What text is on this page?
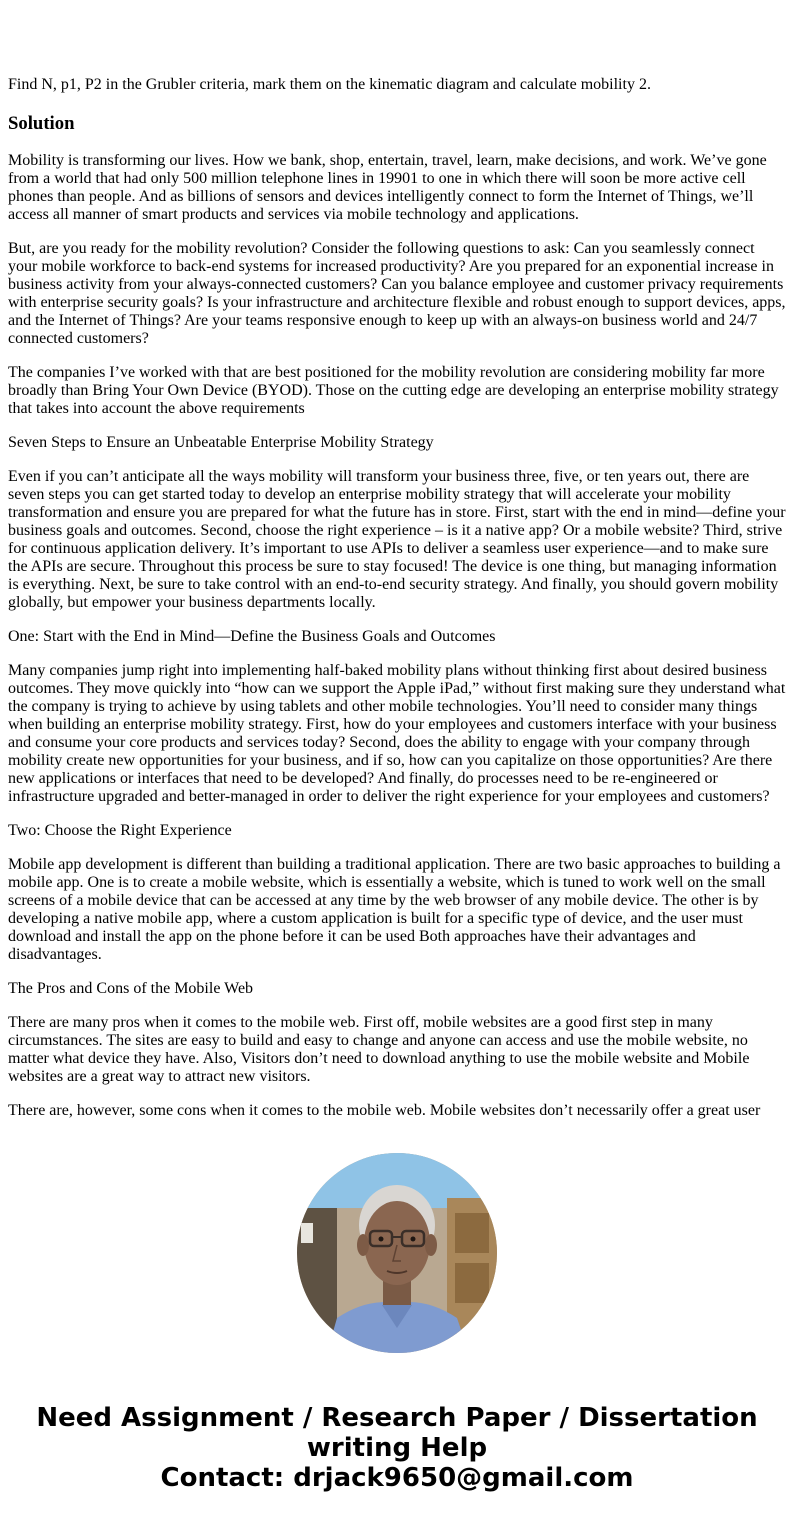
Find N, p1, P2 in the Grubler criteria, mark them on the kinematic diagram and calculate mobility 2.
Solution

Mobility is transforming our lives. How we bank, shop, entertain, travel, learn, make decisions, and work. We’ve gone from a world that had only 500 million telephone lines in 19901 to one in which there will soon be more active cell phones than people. And as billions of sensors and devices intelligently connect to form the Internet of Things, we’ll access all manner of smart products and services via mobile technology and applications.

But, are you ready for the mobility revolution? Consider the following questions to ask: Can you seamlessly connect your mobile workforce to back-end systems for increased productivity? Are you prepared for an exponential increase in business activity from your always-connected customers? Can you balance employee and customer privacy requirements with enterprise security goals? Is your infrastructure and architecture flexible and robust enough to support devices, apps, and the Internet of Things? Are your teams responsive enough to keep up with an always-on business world and 24/7 connected customers?

The companies I’ve worked with that are best positioned for the mobility revolution are considering mobility far more broadly than Bring Your Own Device (BYOD). Those on the cutting edge are developing an enterprise mobility strategy that takes into account the above requirements

Seven Steps to Ensure an Unbeatable Enterprise Mobility Strategy

Even if you can’t anticipate all the ways mobility will transform your business three, five, or ten years out, there are seven steps you can get started today to develop an enterprise mobility strategy that will accelerate your mobility transformation and ensure you are prepared for what the future has in store. First, start with the end in mind—define your business goals and outcomes. Second, choose the right experience – is it a native app? Or a mobile website? Third, strive for continuous application delivery. It’s important to use APIs to deliver a seamless user experience—and to make sure the APIs are secure. Throughout this process be sure to stay focused! The device is one thing, but managing information is everything. Next, be sure to take control with an end-to-end security strategy. And finally, you should govern mobility globally, but empower your business departments locally.

One: Start with the End in Mind—Define the Business Goals and Outcomes

Many companies jump right into implementing half-baked mobility plans without thinking first about desired business outcomes. They move quickly into “how can we support the Apple iPad,” without first making sure they understand what the company is trying to achieve by using tablets and other mobile technologies. You’ll need to consider many things when building an enterprise mobility strategy. First, how do your employees and customers interface with your business and consume your core products and services today? Second, does the ability to engage with your company through mobility create new opportunities for your business, and if so, how can you capitalize on those opportunities? Are there new applications or interfaces that need to be developed? And finally, do processes need to be re-engineered or infrastructure upgraded and better-managed in order to deliver the right experience for your employees and customers?

Two: Choose the Right Experience

Mobile app development is different than building a traditional application. There are two basic approaches to building a mobile app. One is to create a mobile website, which is essentially a website, which is tuned to work well on the small screens of a mobile device that can be accessed at any time by the web browser of any mobile device. The other is by developing a native mobile app, where a custom application is built for a specific type of device, and the user must download and install the app on the phone before it can be used Both approaches have their advantages and disadvantages.

The Pros and Cons of the Mobile Web

There are many pros when it comes to the mobile web. First off, mobile websites are a good first step in many circumstances. The sites are easy to build and easy to change and anyone can access and use the mobile website, no matter what device they have. Also, Visitors don’t need to download anything to use the mobile website and Mobile websites are a great way to attract new visitors.

There are, however, some cons when it comes to the mobile web. Mobile websites don’t necessarily offer a great user

Need Assignment / Research Paper / Dissertation
writing Help
Contact: drjack9650@gmail.com
